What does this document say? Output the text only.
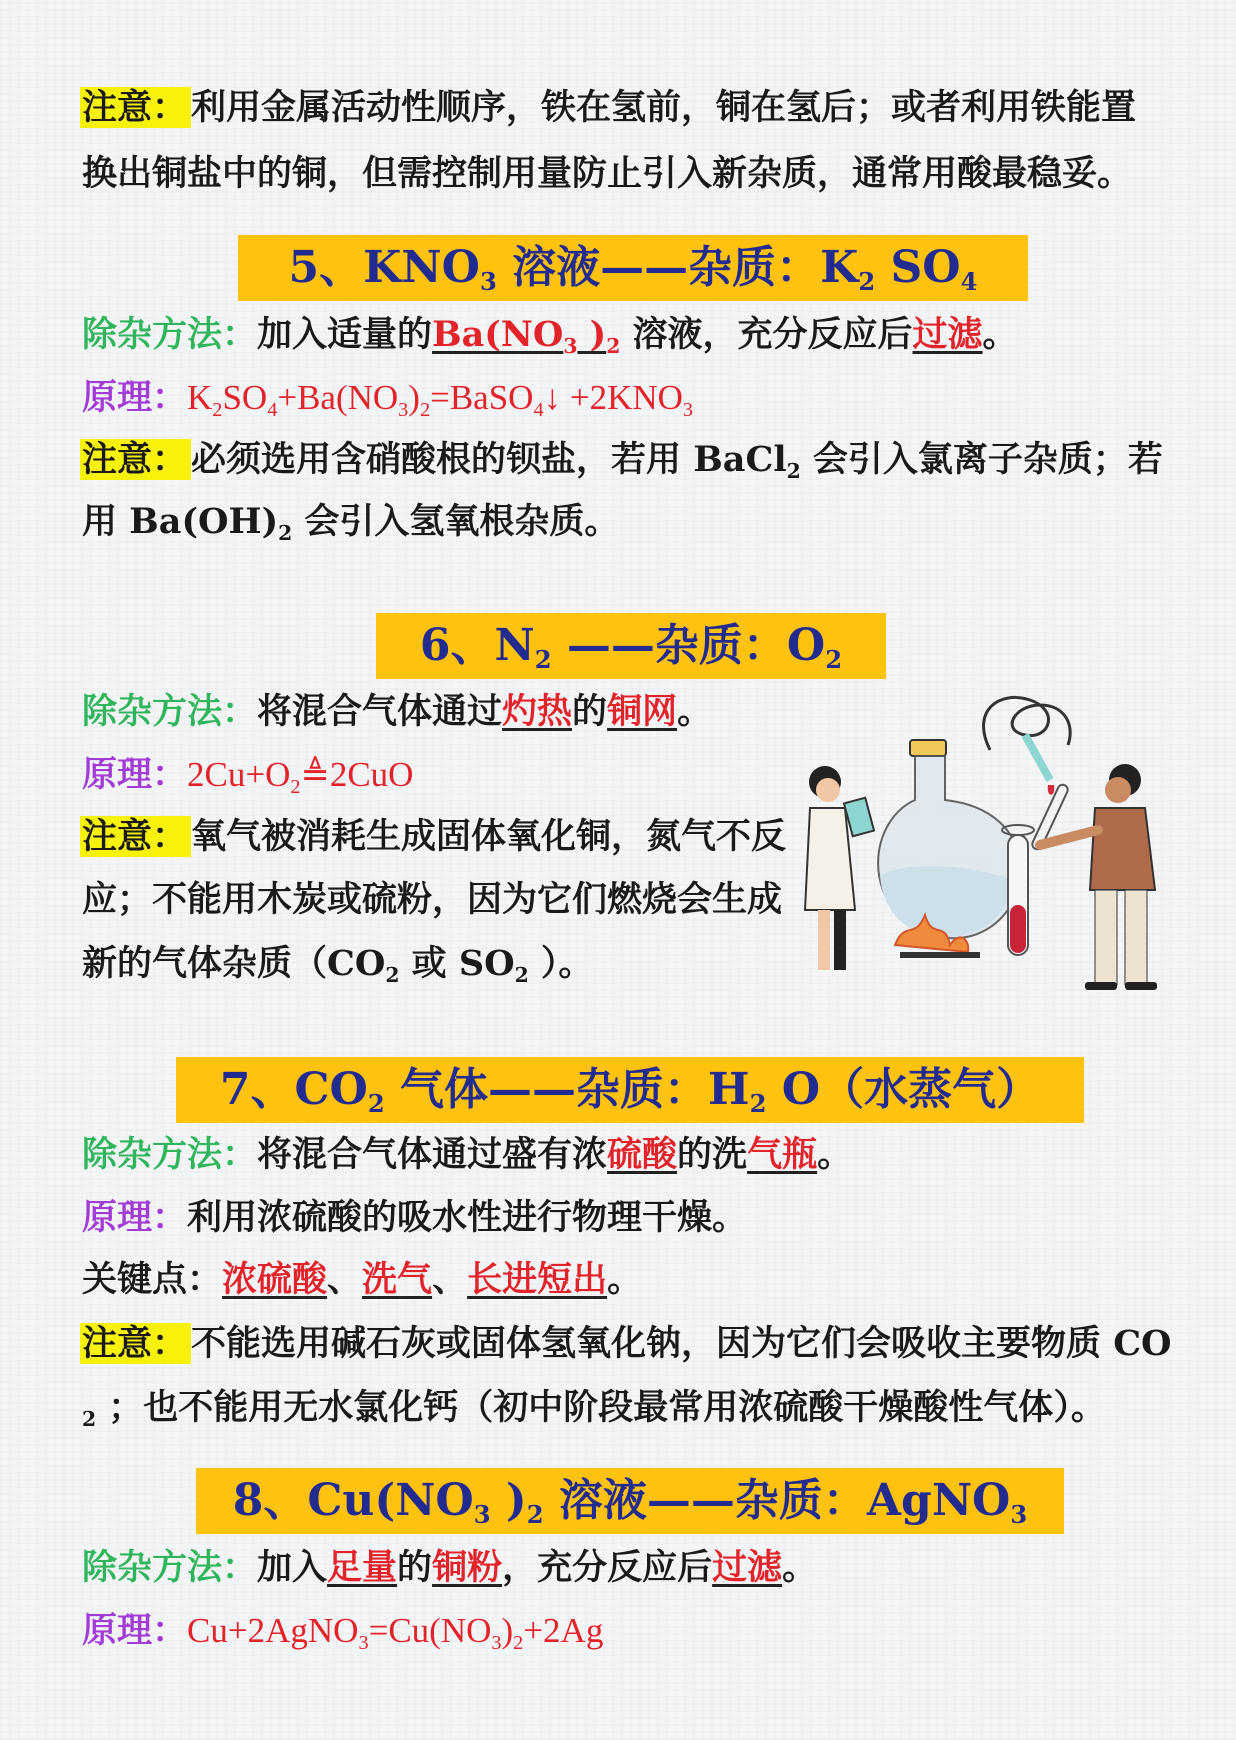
注意： 利用金属活动性顺序，铁在氢前，铜在氢后；或者利用铁能置
换出铜盐中的铜，但需控制用量防止引入新杂质，通常用酸最稳妥。
5、$KNO_3$ 溶液——杂质：$K_2$ $SO_4$
除杂方法：加入适量的$Ba(NO_3$ )$_2$ 溶液，充分反应后过滤。
原理：$K_2SO_4+Ba(NO_3)_2=BaSO_4↓ +2KNO_3$
注意： 必须选用含硝酸根的钡盐，若用 BaCl$_2$ 会引入氯离子杂质；若
用 $Ba(OH)_2$ 会引入氢氧根杂质。
6、$N_2$ ——杂质：$O_2$
除杂方法：将混合气体通过灼热的铜网。
原理：$2Cu+O_2≜2CuO$
注意： 氧气被消耗生成固体氧化铜，氮气不反
应；不能用木炭或硫粉，因为它们燃烧会生成
新的气体杂质（$CO_2$ 或 $SO_2$ ）。
7、$CO_2$ 气体——杂质：$H_2$ O（水蒸气）
除杂方法：将混合气体通过盛有浓硫酸的洗气瓶。
原理：利用浓硫酸的吸水性进行物理干燥。
关键点：浓硫酸、洗气、长进短出。
注意： 不能选用碱石灰或固体氢氧化钠，因为它们会吸收主要物质 CO
$_2$ ；也不能用无水氯化钙（初中阶段最常用浓硫酸干燥酸性气体）。
8、$Cu(NO_3$ )$_2$ 溶液——杂质：AgNO$_3$
除杂方法：加入足量的铜粉，充分反应后过滤。
原理：$Cu+2AgNO_3=Cu(NO_3)_2+2Ag$
